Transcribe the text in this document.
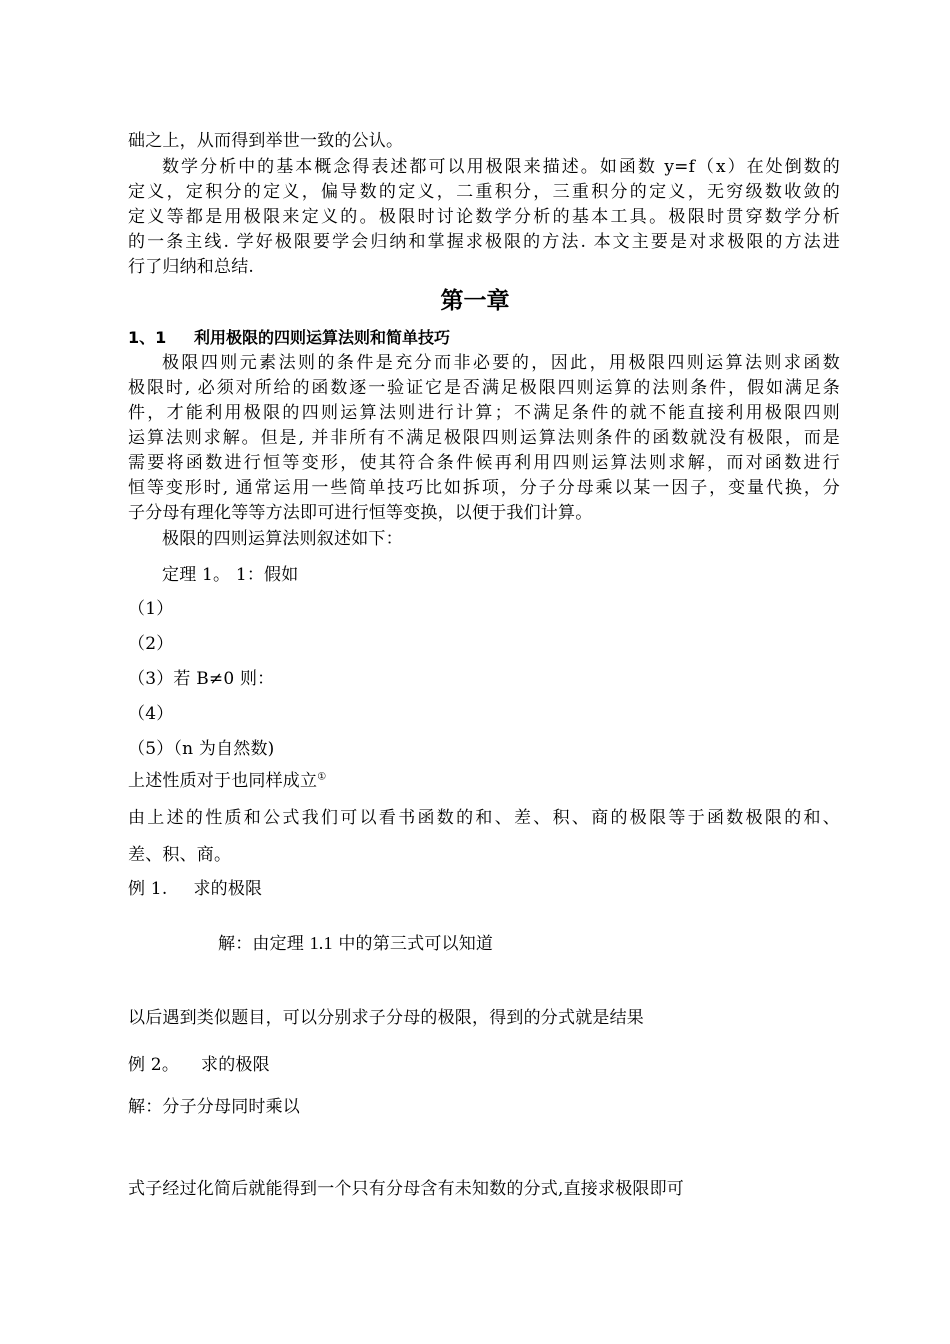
础之上，从而得到举世一致的公认。
数学分析中的基本概念得表述都可以用极限来描述。如函数 y=f（x）在处倒数的
定义，定积分的定义，偏导数的定义，二重积分，三重积分的定义，无穷级数收敛的
定义等都是用极限来定义的。极限时讨论数学分析的基本工具。极限时贯穿数学分析
的一条主线. 学好极限要学会归纳和掌握求极限的方法. 本文主要是对求极限的方法进
行了归纳和总结.
第一章
1、1 利用极限的四则运算法则和简单技巧
极限四则元素法则的条件是充分而非必要的，因此，用极限四则运算法则求函数
极限时, 必须对所给的函数逐一验证它是否满足极限四则运算的法则条件，假如满足条
件，才能利用极限的四则运算法则进行计算；不满足条件的就不能直接利用极限四则
运算法则求解。但是, 并非所有不满足极限四则运算法则条件的函数就没有极限，而是
需要将函数进行恒等变形，使其符合条件候再利用四则运算法则求解，而对函数进行
恒等变形时, 通常运用一些简单技巧比如拆项，分子分母乘以某一因子，变量代换，分
子分母有理化等等方法即可进行恒等变换，以便于我们计算。
极限的四则运算法则叙述如下：
定理 1。 1：假如
（1）
（2）
（3）若 B≠0 则：
（4）
（5）（n 为自然数)
上述性质对于也同样成立①
由上述的性质和公式我们可以看书函数的和、差、积、商的极限等于函数极限的和、
差、积、商。
例 1. 求的极限
解：由定理 1.1 中的第三式可以知道
以后遇到类似题目，可以分别求子分母的极限，得到的分式就是结果
例 2。 求的极限
解：分子分母同时乘以
式子经过化简后就能得到一个只有分母含有未知数的分式,直接求极限即可
